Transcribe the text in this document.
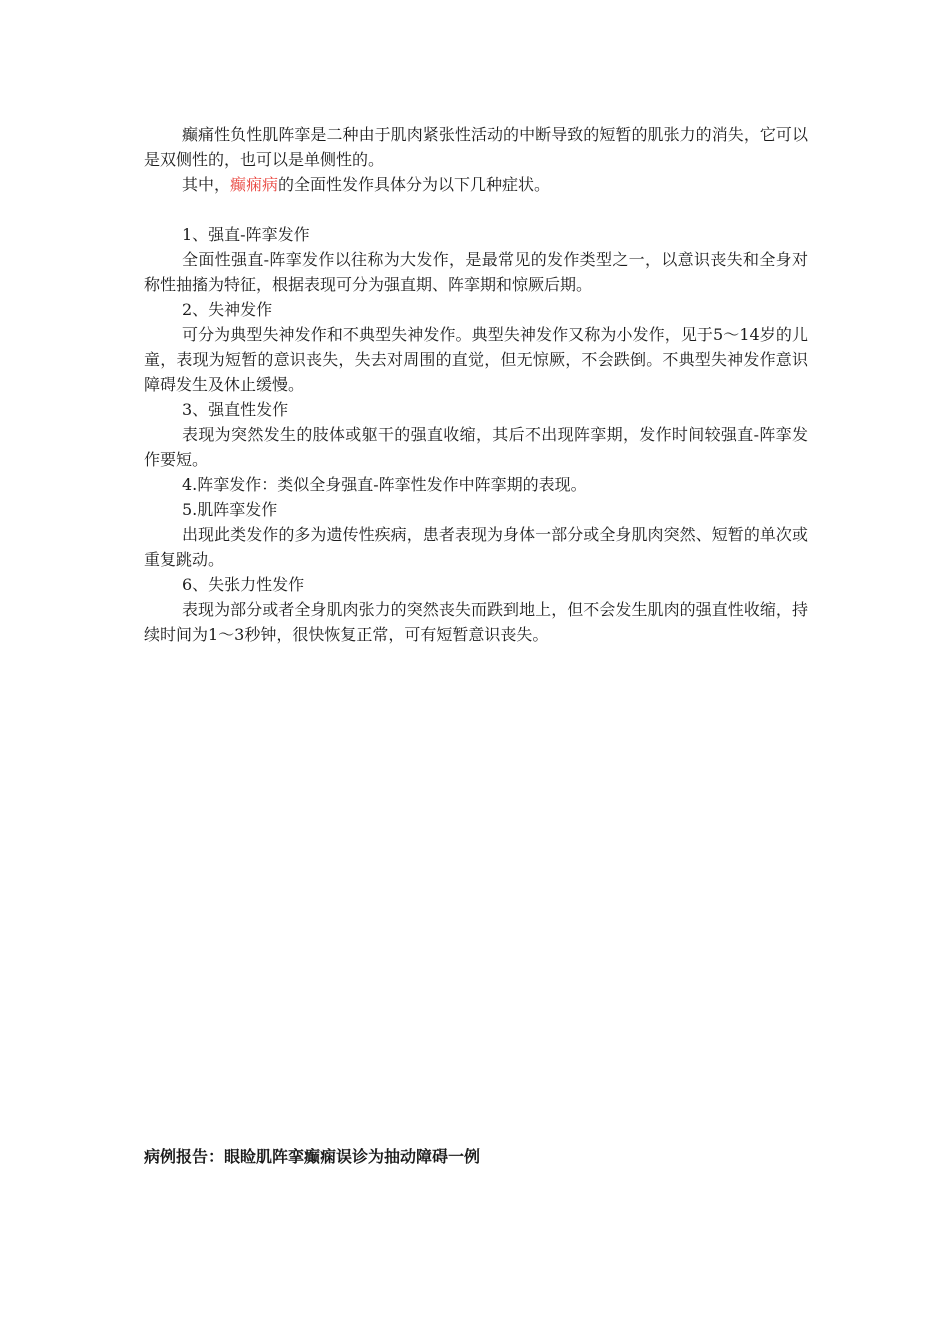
癫痛性负性肌阵挛是二种由于肌肉紧张性活动的中断导致的短暂的肌张力的消失，它可以是双侧性的，也可以是单侧性的。

其中，癫痫病的全面性发作具体分为以下几种症状。

1、强直-阵挛发作

全面性强直-阵挛发作以往称为大发作，是最常见的发作类型之一，以意识丧失和全身对称性抽搐为特征，根据表现可分为强直期、阵挛期和惊厥后期。

2、失神发作

可分为典型失神发作和不典型失神发作。典型失神发作又称为小发作，见于5～14岁的儿童，表现为短暂的意识丧失，失去对周围的直觉，但无惊厥，不会跌倒。不典型失神发作意识障碍发生及休止缓慢。

3、强直性发作

表现为突然发生的肢体或躯干的强直收缩，其后不出现阵挛期，发作时间较强直-阵挛发作要短。

4.阵挛发作：类似全身强直-阵挛性发作中阵挛期的表现。

5.肌阵挛发作

出现此类发作的多为遗传性疾病，患者表现为身体一部分或全身肌肉突然、短暂的单次或重复跳动。

6、失张力性发作

表现为部分或者全身肌肉张力的突然丧失而跌到地上，但不会发生肌肉的强直性收缩，持续时间为1～3秒钟，很快恢复正常，可有短暂意识丧失。

病例报告：眼睑肌阵挛癫痫误诊为抽动障碍一例
